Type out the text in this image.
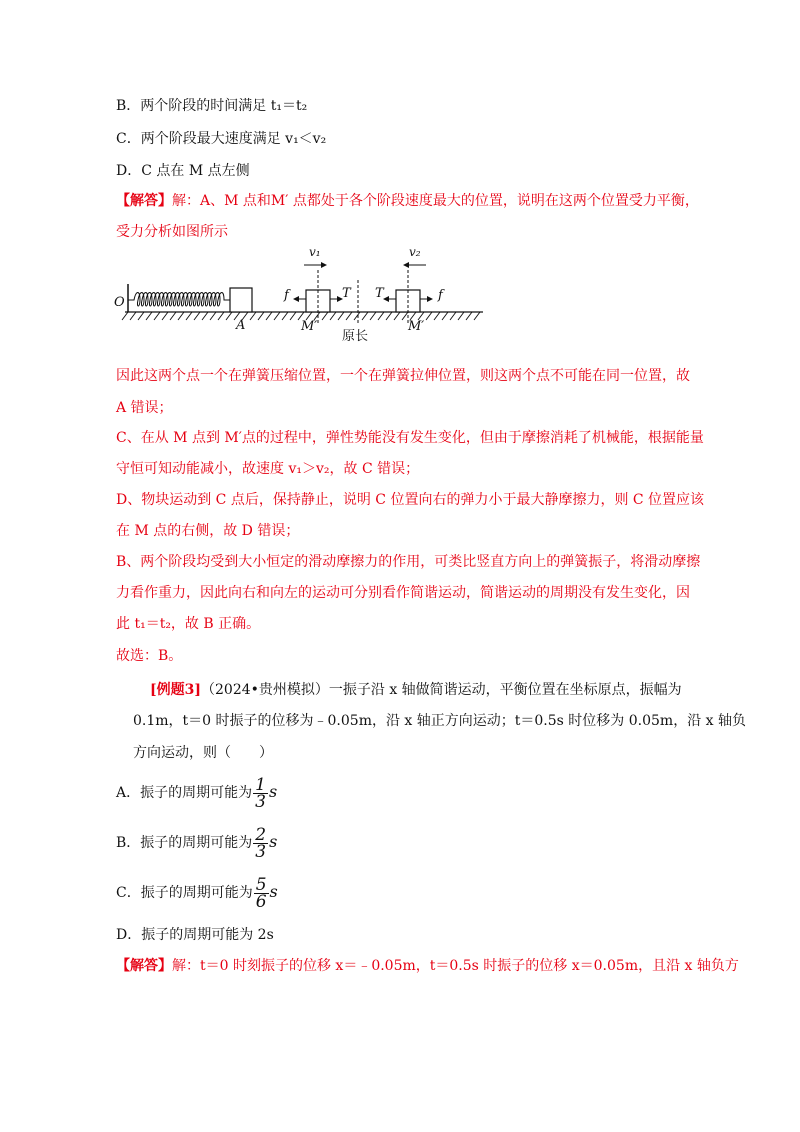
B．两个阶段的时间满足 t₁＝t₂
C．两个阶段最大速度满足 v₁＜v₂
D．C 点在 M 点左侧
【解答】解：A、M 点和M′ 点都处于各个阶段速度最大的位置，说明在这两个位置受力平衡，
受力分析如图所示
O
A
f	T
v₁
M′
原长
T	f
v₂
M′
因此这两个点一个在弹簧压缩位置，一个在弹簧拉伸位置，则这两个点不可能在同一位置，故
A 错误；
C、在从 M 点到 M′点的过程中，弹性势能没有发生变化，但由于摩擦消耗了机械能，根据能量
守恒可知动能减小，故速度 v₁＞v₂，故 C 错误；
D、物块运动到 C 点后，保持静止，说明 C 位置向右的弹力小于最大静摩擦力，则 C 位置应该
在 M 点的右侧，故 D 错误；
B、两个阶段均受到大小恒定的滑动摩擦力的作用，可类比竖直方向上的弹簧振子，将滑动摩擦
力看作重力，因此向右和向左的运动可分别看作简谐运动，简谐运动的周期没有发生变化，因
此 t₁＝t₂，故 B 正确。
故选：B。
[例题3]（2024•贵州模拟）一振子沿 x 轴做简谐运动，平衡位置在坐标原点，振幅为
0.1m，t＝0 时振子的位移为﹣0.05m，沿 x 轴正方向运动；t＝0.5s 时位移为 0.05m，沿 x 轴负
方向运动，则（　　）
A．振子的周期可能为 $\frac{1}{3}$ s
B．振子的周期可能为 $\frac{2}{3}$ s
C．振子的周期可能为 $\frac{5}{6}$ s
D．振子的周期可能为 2s
【解答】解：t＝0 时刻振子的位移 x＝﹣0.05m，t＝0.5s 时振子的位移 x＝0.05m，且沿 x 轴负方
